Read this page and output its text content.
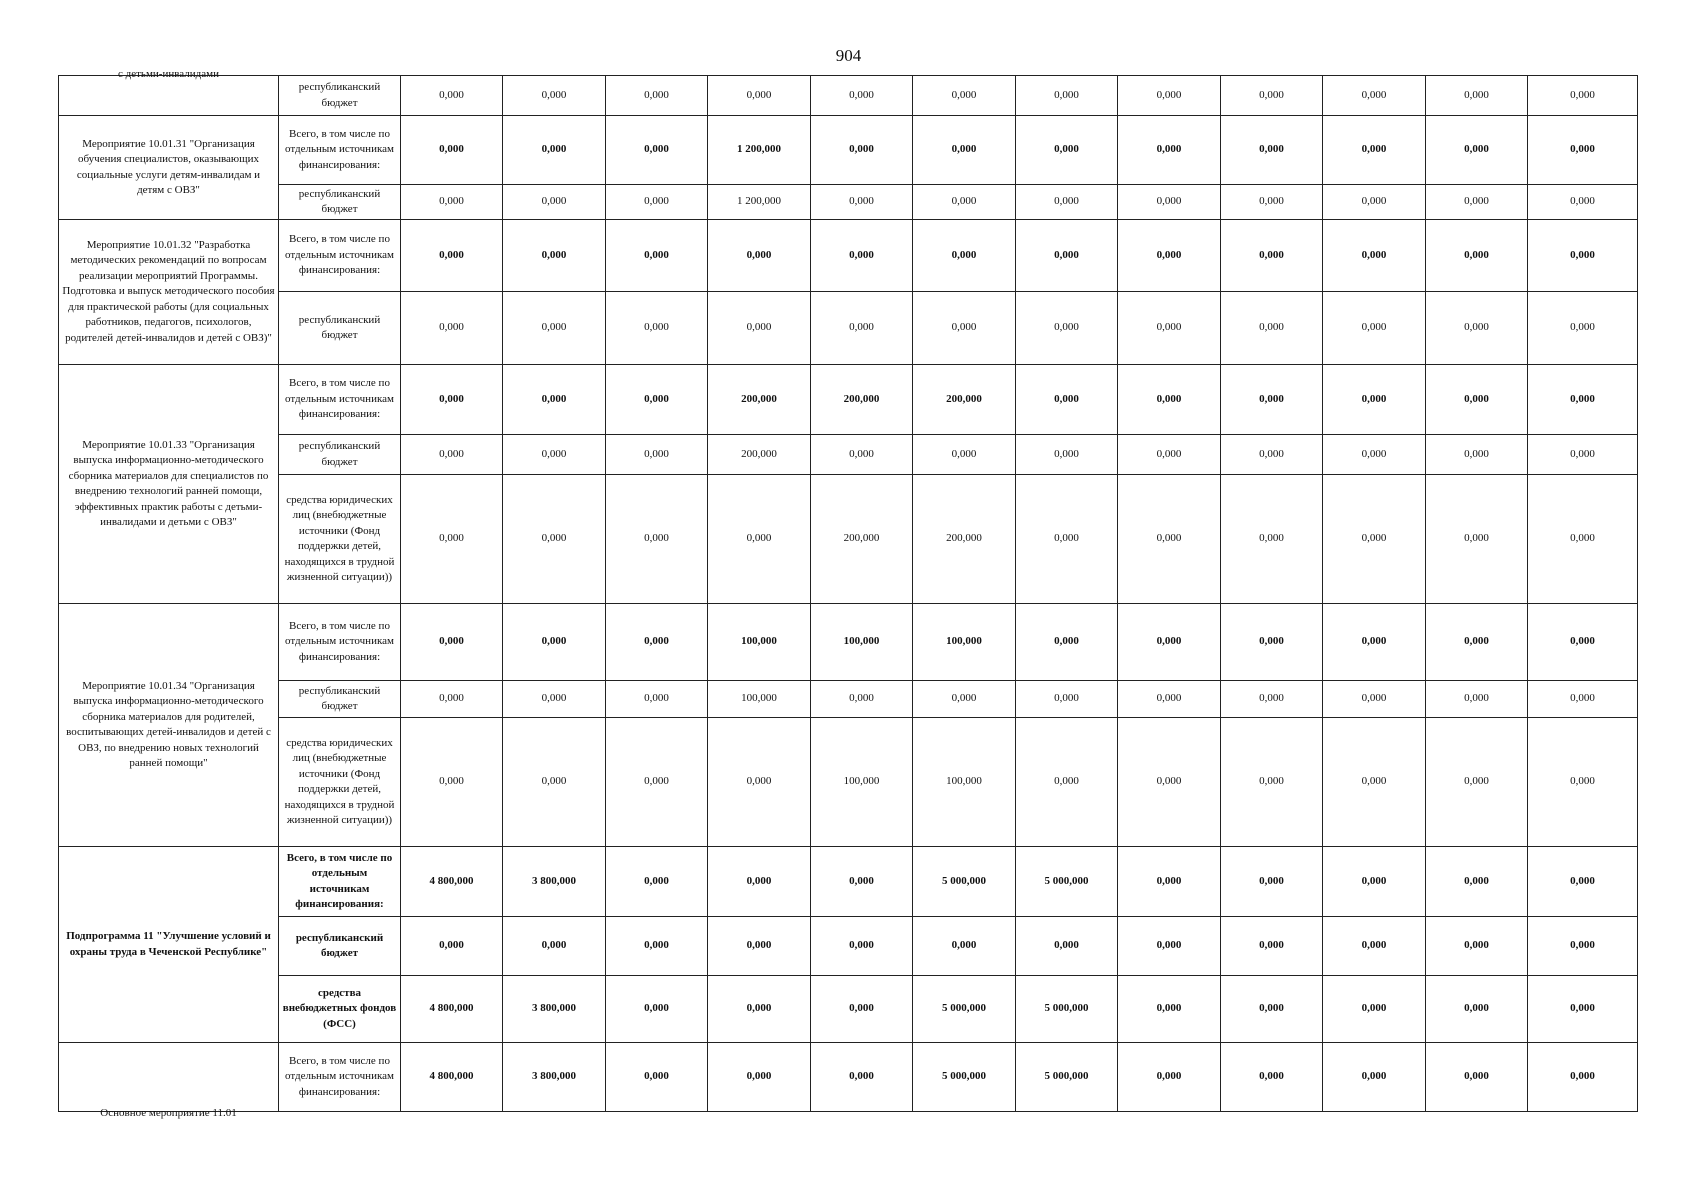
904
с детьми-инвалидами	республиканский бюджет	0,000	0,000	0,000	0,000	0,000	0,000	0,000	0,000	0,000	0,000	0,000	0,000
Мероприятие 10.01.31 "Организация обучения специалистов, оказывающих социальные услуги детям-инвалидам и детям с ОВЗ"	Всего, в том числе по отдельным источникам финансирования:	0,000	0,000	0,000	1 200,000	0,000	0,000	0,000	0,000	0,000	0,000	0,000	0,000
	республиканский бюджет	0,000	0,000	0,000	1 200,000	0,000	0,000	0,000	0,000	0,000	0,000	0,000	0,000
Мероприятие 10.01.32 "Разработка методических рекомендаций по вопросам реализации мероприятий Программы. Подготовка и выпуск методического пособия для практической работы (для социальных работников, педагогов, психологов, родителей детей-инвалидов и детей с ОВЗ)"	Всего, в том числе по отдельным источникам финансирования:	0,000	0,000	0,000	0,000	0,000	0,000	0,000	0,000	0,000	0,000	0,000	0,000
	республиканский бюджет	0,000	0,000	0,000	0,000	0,000	0,000	0,000	0,000	0,000	0,000	0,000	0,000
Мероприятие 10.01.33 "Организация выпуска информационно-методического сборника материалов для специалистов по внедрению технологий ранней помощи, эффективных практик работы с детьми-инвалидами и детьми с ОВЗ"	Всего, в том числе по отдельным источникам финансирования:	0,000	0,000	0,000	200,000	200,000	200,000	0,000	0,000	0,000	0,000	0,000	0,000
	республиканский бюджет	0,000	0,000	0,000	200,000	0,000	0,000	0,000	0,000	0,000	0,000	0,000	0,000
	средства юридических лиц (внебюджетные источники (Фонд поддержки детей, находящихся в трудной жизненной ситуации))	0,000	0,000	0,000	0,000	200,000	200,000	0,000	0,000	0,000	0,000	0,000	0,000
Мероприятие 10.01.34 "Организация выпуска информационно-методического сборника материалов для родителей, воспитывающих детей-инвалидов и детей с ОВЗ, по внедрению новых технологий ранней помощи"	Всего, в том числе по отдельным источникам финансирования:	0,000	0,000	0,000	100,000	100,000	100,000	0,000	0,000	0,000	0,000	0,000	0,000
	республиканский бюджет	0,000	0,000	0,000	100,000	0,000	0,000	0,000	0,000	0,000	0,000	0,000	0,000
	средства юридических лиц (внебюджетные источники (Фонд поддержки детей, находящихся в трудной жизненной ситуации))	0,000	0,000	0,000	0,000	100,000	100,000	0,000	0,000	0,000	0,000	0,000	0,000
Подпрограмма 11 "Улучшение условий и охраны труда в Чеченской Республике"	Всего, в том числе по отдельным источникам финансирования:	4 800,000	3 800,000	0,000	0,000	0,000	5 000,000	5 000,000	0,000	0,000	0,000	0,000	0,000
	республиканский бюджет	0,000	0,000	0,000	0,000	0,000	0,000	0,000	0,000	0,000	0,000	0,000	0,000
	средства внебюджетных фондов (ФСС)	4 800,000	3 800,000	0,000	0,000	0,000	5 000,000	5 000,000	0,000	0,000	0,000	0,000	0,000

Основное мероприятие 11.01	Всего, в том числе по отдельным источникам финансирования:	4 800,000	3 800,000	0,000	0,000	0,000	5 000,000	5 000,000	0,000	0,000	0,000	0,000	0,000
